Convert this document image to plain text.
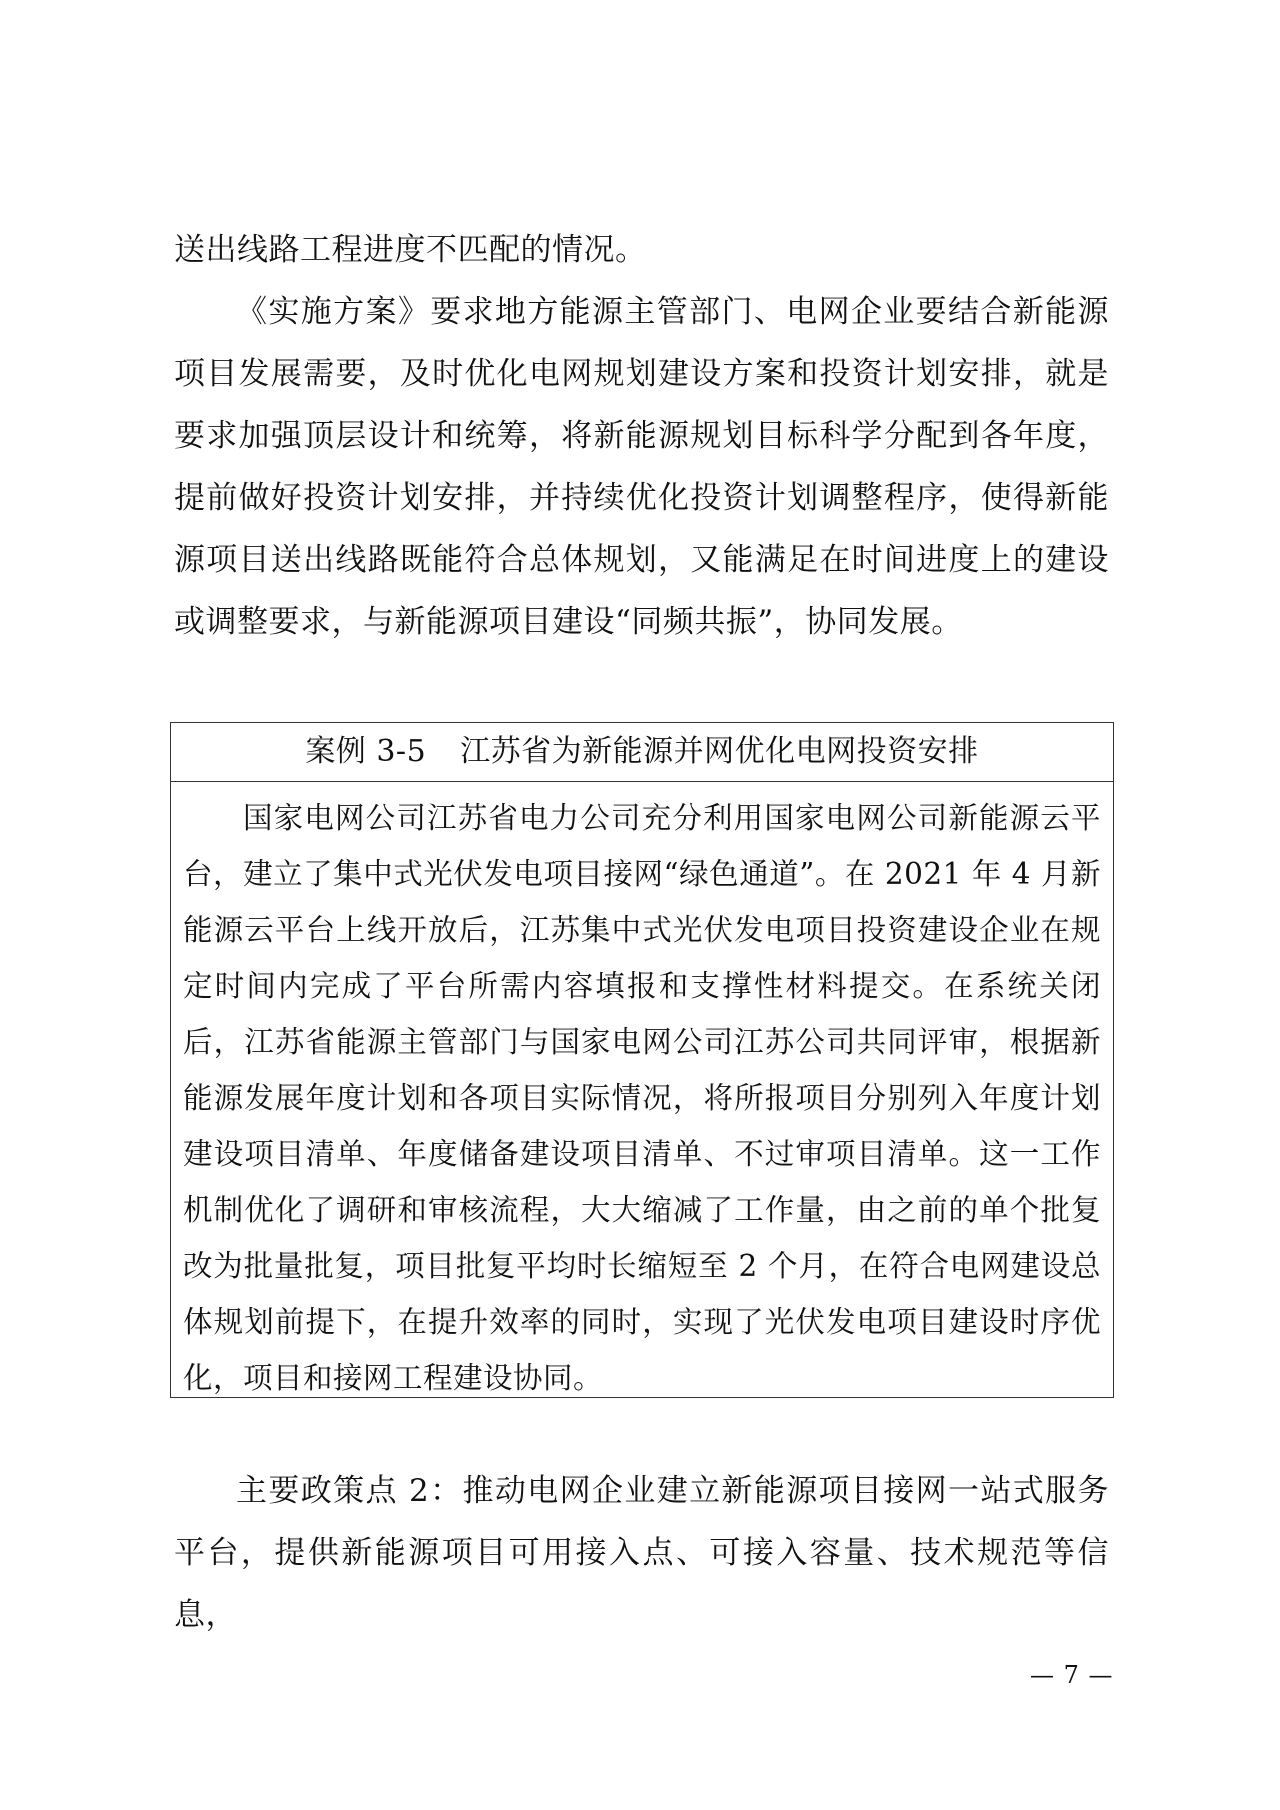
送出线路工程进度不匹配的情况。

《实施方案》要求地方能源主管部门、电网企业要结合新能源项目发展需要，及时优化电网规划建设方案和投资计划安排，就是要求加强顶层设计和统筹，将新能源规划目标科学分配到各年度，提前做好投资计划安排，并持续优化投资计划调整程序，使得新能源项目送出线路既能符合总体规划，又能满足在时间进度上的建设或调整要求，与新能源项目建设“同频共振”，协同发展。

案例 3-5 江苏省为新能源并网优化电网投资安排
国家电网公司江苏省电力公司充分利用国家电网公司新能源云平台，建立了集中式光伏发电项目接网“绿色通道”。在 2021 年 4 月新能源云平台上线开放后，江苏集中式光伏发电项目投资建设企业在规定时间内完成了平台所需内容填报和支撑性材料提交。在系统关闭后，江苏省能源主管部门与国家电网公司江苏公司共同评审，根据新能源发展年度计划和各项目实际情况，将所报项目分别列入年度计划建设项目清单、年度储备建设项目清单、不过审项目清单。这一工作机制优化了调研和审核流程，大大缩减了工作量，由之前的单个批复改为批量批复，项目批复平均时长缩短至 2 个月，在符合电网建设总体规划前提下，在提升效率的同时，实现了光伏发电项目建设时序优化，项目和接网工程建设协同。

主要政策点 2：推动电网企业建立新能源项目接网一站式服务平台，提供新能源项目可用接入点、可接入容量、技术规范等信息，

— 7 —
